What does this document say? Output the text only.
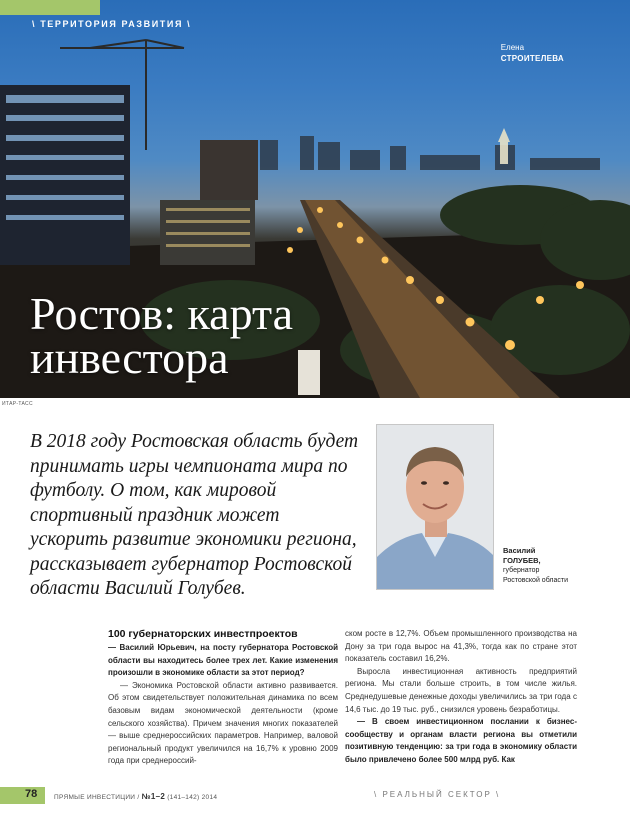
\ ТЕРРИТОРИЯ РАЗВИТИЯ \
Елена
СТРОИТЕЛЕВА
Ростов: карта
инвестора
ИТАР-ТАСС
В 2018 году Ростовская область будет принимать игры чемпионата мира по футболу. О том, как мировой спортивный праздник может ускорить развитие экономики региона, рассказывает губернатор Ростовской области Василий Голубев.
Василий
ГОЛУБЕВ,
губернатор
Ростовской области
100 губернаторских инвестпроектов

— Василий Юрьевич, на посту губернатора Ростовской области вы находитесь более трех лет. Какие изменения произошли в экономике области за этот период?

— Экономика Ростовской области активно развивается. Об этом свидетельствует положительная динамика по всем базовым видам экономической деятельности (кроме сельского хозяйства). Причем значения многих показателей — выше среднероссийских параметров. Например, валовой региональный продукт увеличился на 16,7% к уровню 2009 года при среднероссий-

ском росте в 12,7%. Объем промышленного производства на Дону за три года вырос на 41,3%, тогда как по стране этот показатель составил 16,2%.

Выросла инвестиционная активность предприятий региона. Мы стали больше строить, в том числе жилья. Среднедушевые денежные доходы увеличились за три года с 14,6 тыс. до 19 тыс. руб., снизился уровень безработицы.

— В своем инвестиционном послании к бизнес-сообществу и органам власти региона вы отметили позитивную тенденцию: за три года в экономику области было привлечено более 500 млрд руб. Как

78	ПРЯМЫЕ ИНВЕСТИЦИИ / №1–2 (141–142) 2014	\ РЕАЛЬНЫЙ СЕКТОР \
